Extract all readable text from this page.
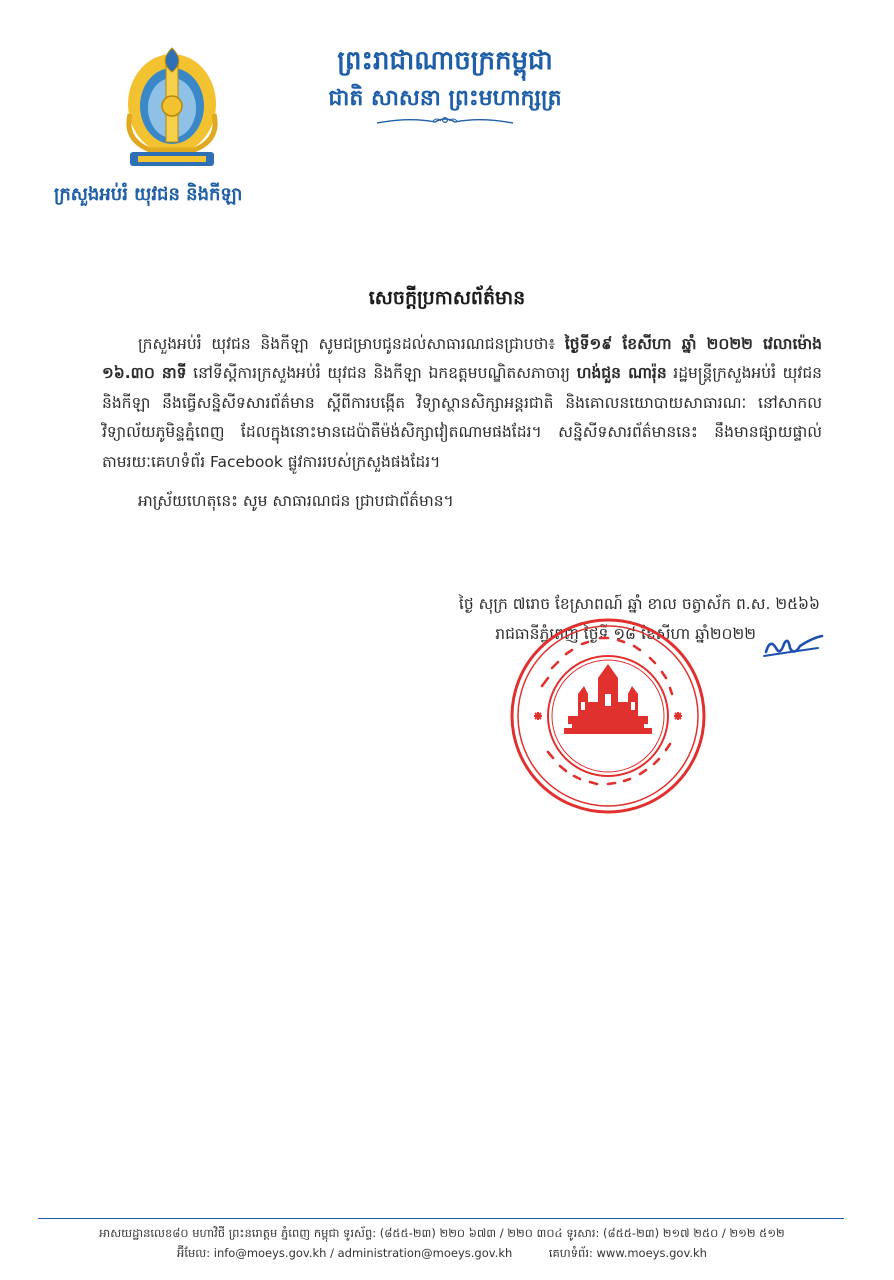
ព្រះរាជាណាចក្រកម្ពុជា
ជាតិ សាសនា ព្រះមហាក្សត្រ
ក្រសួងអប់រំ យុវជន និងកីឡា
សេចក្តីប្រកាសព័ត៌មាន

ក្រសួងអប់រំ យុវជន និងកីឡា សូមជម្រាបជូនដល់សាធារណជនជ្រាបថា៖ ថ្ងៃទី១៩ ខែសីហា ឆ្នាំ ២០២២ វេលាម៉ោង ១៦.៣០ នាទី នៅទីស្តីការក្រសួងអប់រំ យុវជន និងកីឡា ឯកឧត្តមបណ្ឌិតសភាចារ្យ ហង់ជួន ណារ៉ុន រដ្ឋមន្ត្រីក្រសួងអប់រំ យុវជន និងកីឡា នឹងធ្វើសន្និសីទសារព័ត៌មាន ស្តីពីការបង្កើត វិទ្យាស្ថានសិក្សាអន្តរជាតិ និងគោលនយោបាយសាធារណៈ នៅសាកលវិទ្យាល័យភូមិន្ទភ្នំពេញ ដែលក្នុងនោះមានដេប៉ាតឺម៉ង់សិក្សាវៀតណាមផងដែរ។ សន្និសីទសារព័ត៌មាននេះ នឹងមានផ្សាយផ្ទាល់តាមរយៈគេហទំព័រ Facebook ផ្លូវការរបស់ក្រសួងផងដែរ។

អាស្រ័យហេតុនេះ សូម សាធារណជន ជ្រាបជាព័ត៌មាន។

ថ្ងៃ សុក្រ ៧រោច ខែស្រាពណ៍ ឆ្នាំ ខាល ចត្វាស័ក ព.ស. ២៥៦៦
រាជធានីភ្នំពេញ ថ្ងៃទី ១៨ ខែសីហា ឆ្នាំ២០២២
អាសយដ្ឋានលេខ៨០ មហាវិថី ព្រះនរោត្តម ភ្នំពេញ កម្ពុជា ទូរស័ព្ទ: (៨៥៥-២៣) ២២០ ៦៧៣ / ២២០ ៣០៤ ទូរសារ: (៨៥៥-២៣) ២១៧ ២៥០ / ២១២ ៥១២
អ៊ីមែល: info@moeys.gov.kh / administration@moeys.gov.kh	គេហទំព័រ: www.moeys.gov.kh
